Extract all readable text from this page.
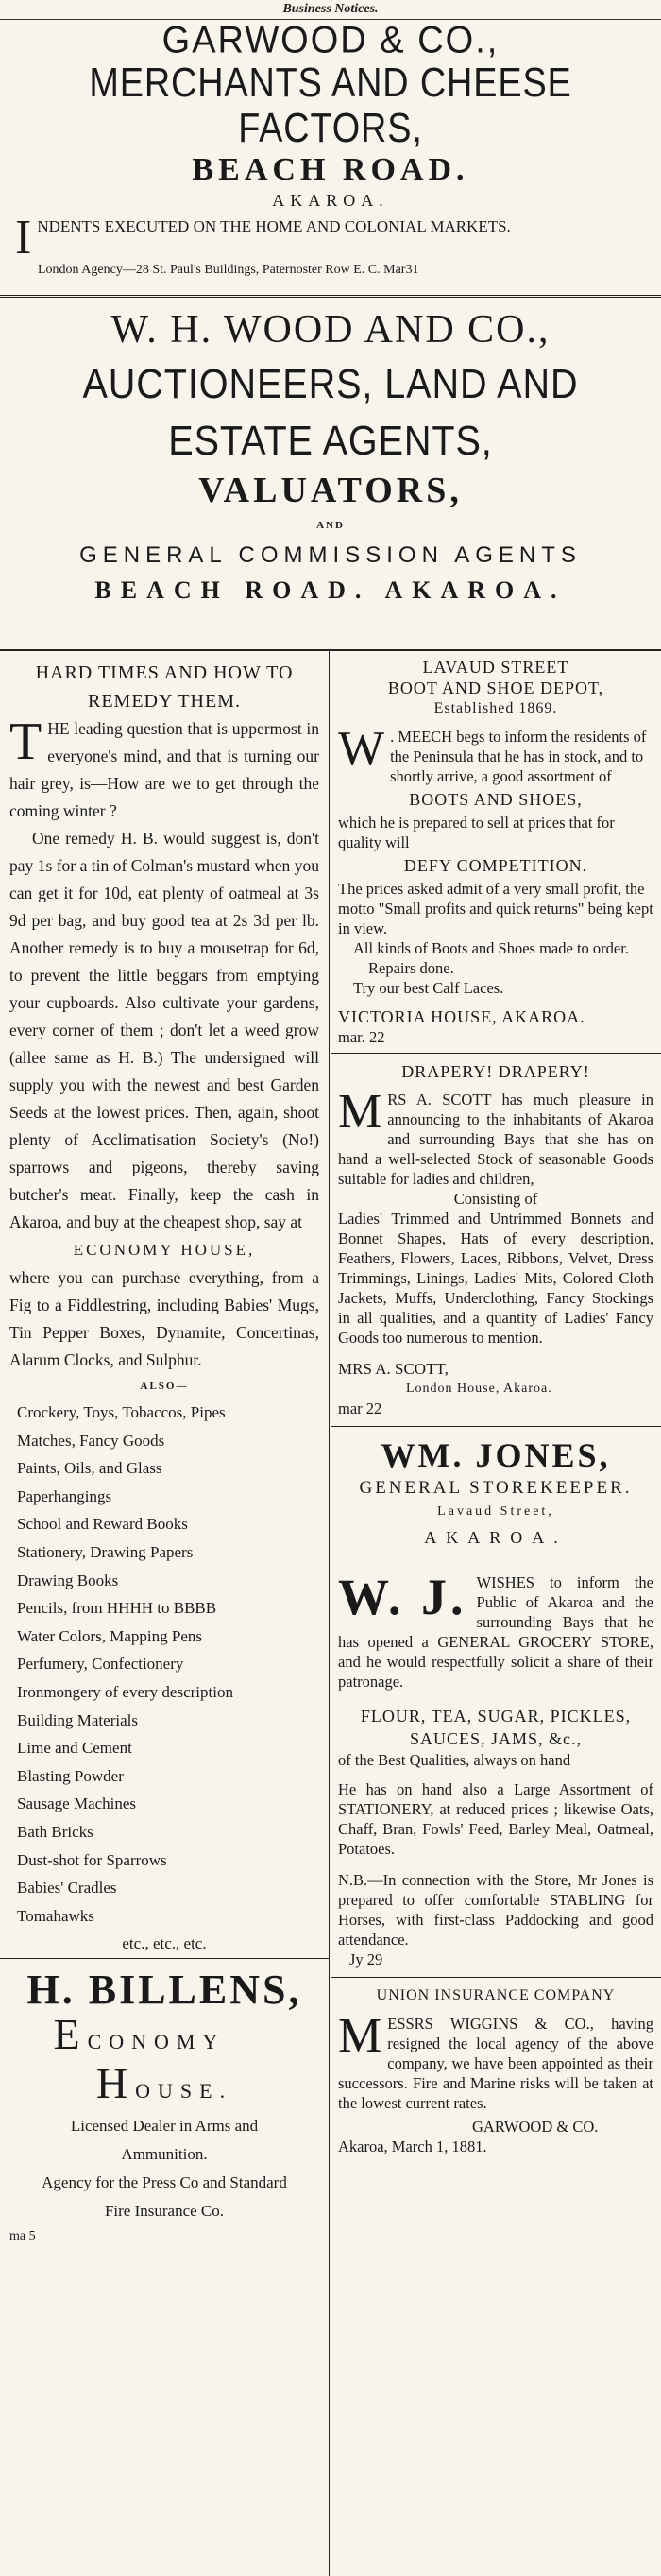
Business Notices.
GARWOOD & CO.,
MERCHANTS AND CHEESE FACTORS,
BEACH ROAD.
AKAROA.
I NDENTS EXECUTED ON THE HOME AND COLONIAL MARKETS.
London Agency—28 St. Paul's Buildings, Paternoster Row E. C. Mar31
W. H. WOOD AND CO.,
AUCTIONEERS, LAND AND ESTATE AGENTS,
VALUATORS,
AND
GENERAL COMMISSION AGENTS
BEACH ROAD. AKAROA.
HARD TIMES AND HOW TO REMEDY THEM.

THE leading question that is uppermost in everyone's mind, and that is turning our hair grey, is—How are we to get through the coming winter ?

One remedy H. B. would suggest is, don't pay 1s for a tin of Colman's mustard when you can get it for 10d, eat plenty of oatmeal at 3s 9d per bag, and buy good tea at 2s 3d per lb. Another remedy is to buy a mousetrap for 6d, to prevent the little beggars from emptying your cupboards. Also cultivate your gardens, every corner of them ; don't let a weed grow (allee same as H. B.) The undersigned will supply you with the newest and best Garden Seeds at the lowest prices. Then, again, shoot plenty of Acclimatisation Society's (No!) sparrows and pigeons, thereby saving butcher's meat. Finally, keep the cash in Akaroa, and buy at the cheapest shop, say at

ECONOMY HOUSE,

where you can purchase everything, from a Fig to a Fiddlestring, including Babies' Mugs, Tin Pepper Boxes, Dynamite, Concertinas, Alarum Clocks, and Sulphur.

ALSO—
Crockery, Toys, Tobaccos, Pipes
Matches, Fancy Goods
Paints, Oils, and Glass
Paperhangings
School and Reward Books
Stationery, Drawing Papers
Drawing Books
Pencils, from HHHH to BBBB
Water Colors, Mapping Pens
Perfumery, Confectionery
Ironmongery of every description
Building Materials
Lime and Cement
Blasting Powder
Sausage Machines
Bath Bricks
Dust-shot for Sparrows
Babies' Cradles
Tomahawks
etc., etc., etc.
H. BILLENS,
ECONOMY     HOUSE.
Licensed Dealer in Arms and
Ammunition.
Agency for the Press Co and Standard
Fire Insurance Co.
ma 5
LAVAUD STREET
BOOT AND SHOE DEPOT,
Established 1869.
W . MEECH begs to inform the residents of the Peninsula that he has in stock, and to shortly arrive, a good assortment of
BOOTS AND SHOES,
which he is prepared to sell at prices that for quality will
DEFY COMPETITION.
The prices asked admit of a very small profit, the motto "Small profits and quick returns" being kept in view.
All kinds of Boots and Shoes made to order.
Repairs done.
Try our best Calf Laces.
VICTORIA HOUSE, AKAROA.
mar. 22
DRAPERY! DRAPERY!
MRS A. SCOTT has much pleasure in announcing to the inhabitants of Akaroa and surrounding Bays that she has on hand a well-selected Stock of seasonable Goods suitable for ladies and children,
Consisting of
Ladies' Trimmed and Untrimmed Bonnets and Bonnet Shapes, Hats of every description, Feathers, Flowers, Laces, Ribbons, Velvet, Dress Trimmings, Linings, Ladies' Mits, Colored Cloth Jackets, Muffs, Underclothing, Fancy Stockings in all qualities, and a quantity of Ladies' Fancy Goods too numerous to mention.
MRS A. SCOTT,
London House, Akaroa.
mar 22
WM. JONES,
GENERAL STOREKEEPER.
Lavaud Street,
AKAROA.
W. J. WISHES to inform the Public of Akaroa and the surrounding Bays that he has opened a GENERAL GROCERY STORE, and he would respectfully solicit a share of their patronage.
FLOUR, TEA, SUGAR, PICKLES, SAUCES, JAMS, &c.,
of the Best Qualities, always on hand
He has on hand also a Large Assortment of STATIONERY, at reduced prices ; likewise Oats, Chaff, Bran, Fowls' Feed, Barley Meal, Oatmeal, Potatoes.
N.B.—In connection with the Store, Mr Jones is prepared to offer comfortable STABLING for Horses, with first-class Paddocking and good attendance.
Jy 29
UNION INSURANCE COMPANY
MESSRS WIGGINS & CO., having resigned the local agency of the above company, we have been appointed as their successors. Fire and Marine risks will be taken at the lowest current rates.
GARWOOD & CO.
Akaroa, March 1, 1881.
